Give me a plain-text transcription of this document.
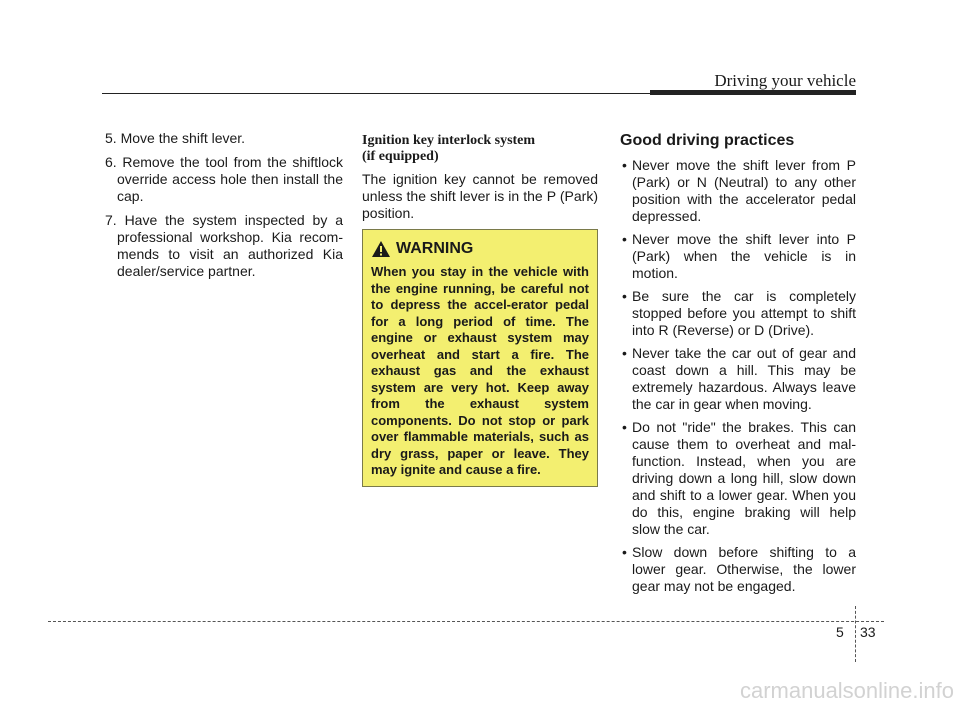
Driving your vehicle
5. Move the shift lever.
6. Remove the tool from the shiftlock override access hole then install the cap.
7. Have the system inspected by a professional workshop. Kia recom-mends to visit an authorized Kia dealer/service partner.
Ignition key interlock system
(if equipped)

The ignition key cannot be removed unless the shift lever is in the P (Park) position.

WARNING

When you stay in the vehicle with the engine running, be careful not to depress the accel-erator pedal for a long period of time. The engine or exhaust system may overheat and start a fire. The exhaust gas and the exhaust system are very hot. Keep away from the exhaust system components. Do not stop or park over flammable materials, such as dry grass, paper or leave. They may ignite and cause a fire.

Good driving practices
• Never move the shift lever from P (Park) or N (Neutral) to any other position with the accelerator pedal depressed.
• Never move the shift lever into P (Park) when the vehicle is in motion.
• Be sure the car is completely stopped before you attempt to shift into R (Reverse) or D (Drive).
• Never take the car out of gear and coast down a hill. This may be extremely hazardous. Always leave the car in gear when moving.
• Do not "ride" the brakes. This can cause them to overheat and mal-function. Instead, when you are driving down a long hill, slow down and shift to a lower gear. When you do this, engine braking will help slow the car.
• Slow down before shifting to a lower gear. Otherwise, the lower gear may not be engaged.
5 33
carmanualsonline.info
